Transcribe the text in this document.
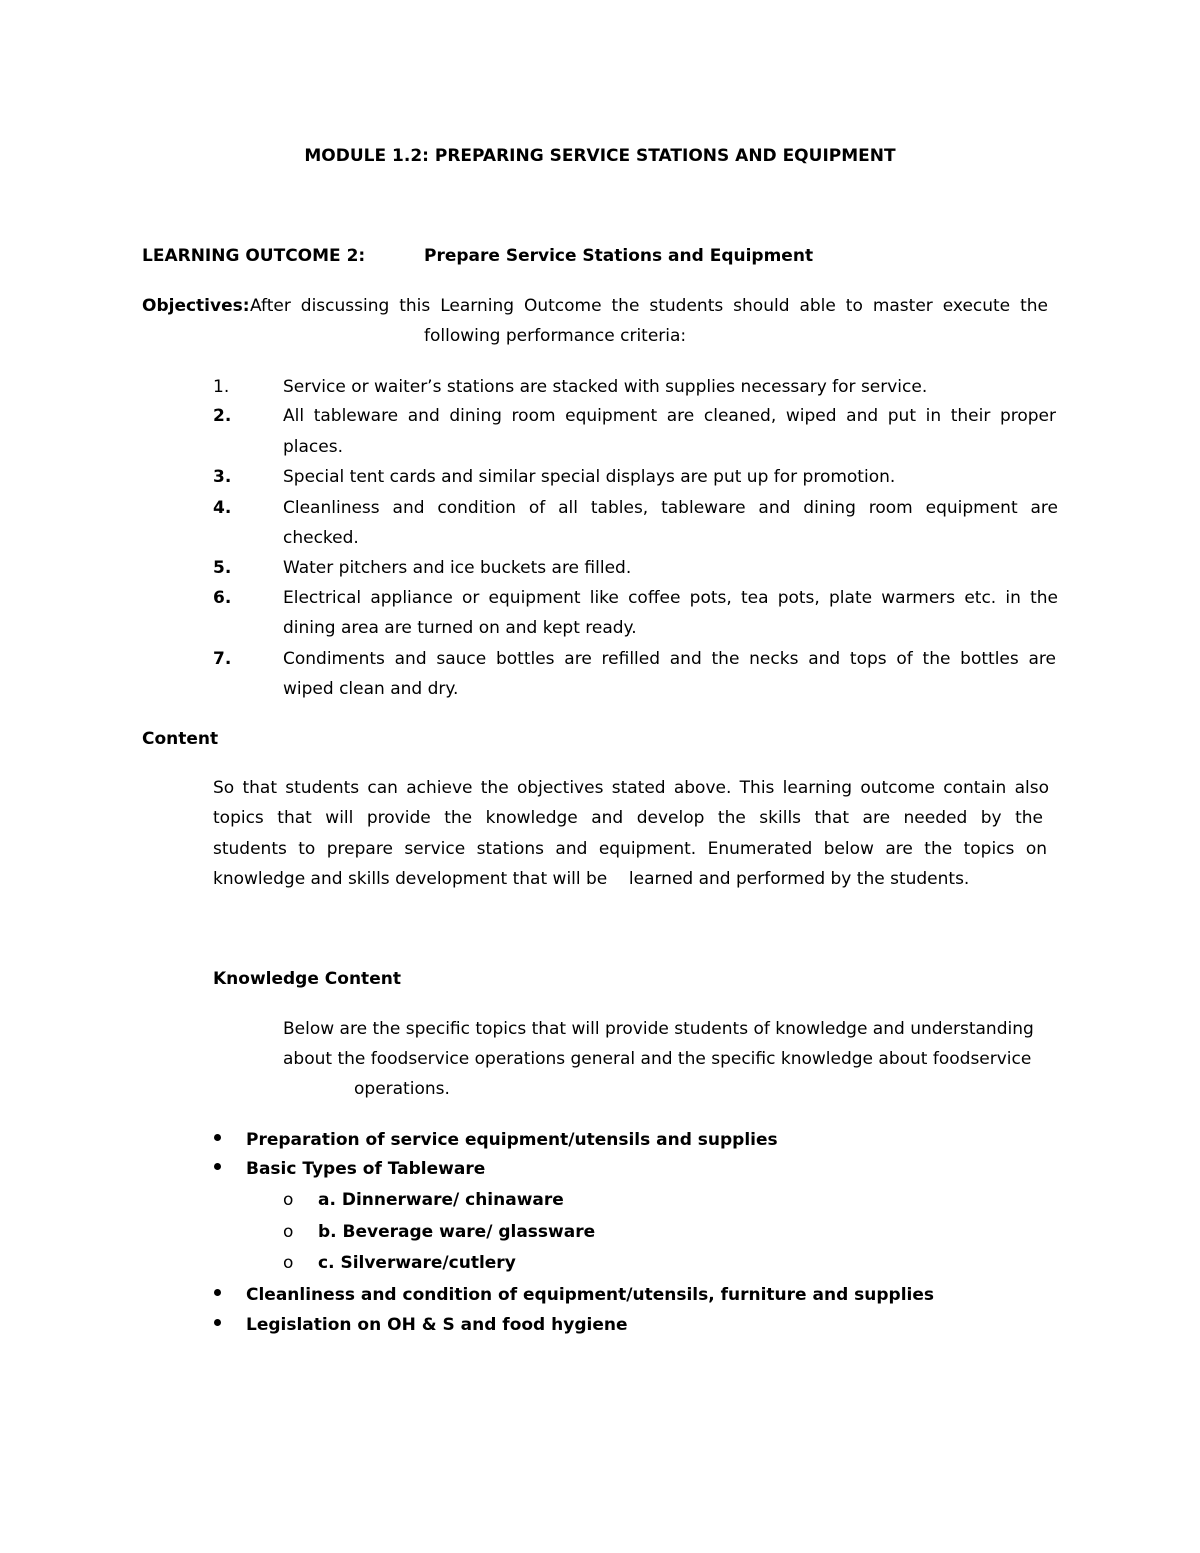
MODULE 1.2: PREPARING SERVICE STATIONS AND EQUIPMENT
LEARNING OUTCOME 2:	Prepare Service Stations and Equipment
Objectives: After discussing this Learning Outcome the students should able to master execute the
following performance criteria:
1.	Service or waiter’s stations are stacked with supplies necessary for service.
2.	All tableware and dining room equipment are cleaned, wiped and put in their proper
places.
3.	Special tent cards and similar special displays are put up for promotion.
4.	Cleanliness and condition of all tables, tableware and dining room equipment are
checked.
5.	Water pitchers and ice buckets are filled.
6.	Electrical appliance or equipment like coffee pots, tea pots, plate warmers etc. in the
dining area are turned on and kept ready.
7.	Condiments and sauce bottles are refilled and the necks and tops of the bottles are
wiped clean and dry.
Content
So that students can achieve the objectives stated above. This learning outcome contain also
topics that will provide the knowledge and develop the skills that are needed by the
students to prepare service stations and equipment. Enumerated below are the topics on
knowledge and skills development that will be    learned and performed by the students.
Knowledge Content
Below are the specific topics that will provide students of knowledge and understanding
about the foodservice operations general and the specific knowledge about foodservice
operations.
Preparation of service equipment/utensils and supplies
Basic Types of Tableware
o a. Dinnerware/ chinaware
o b. Beverage ware/ glassware
o c. Silverware/cutlery
Cleanliness and condition of equipment/utensils, furniture and supplies
Legislation on OH & S and food hygiene
